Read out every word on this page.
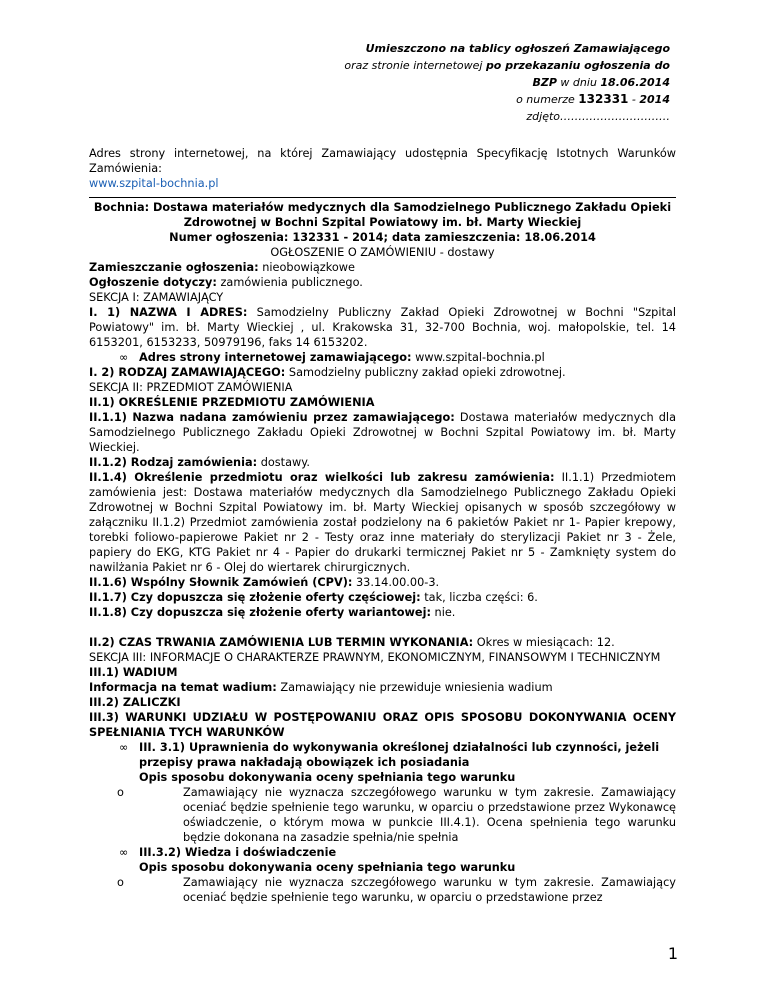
Umieszczono na tablicy ogłoszeń Zamawiającego
oraz stronie internetowej po przekazaniu ogłoszenia do
BZP w dniu 18.06.2014
o numerze 132331 - 2014
zdjęto…………………………

Adres strony internetowej, na której Zamawiający udostępnia Specyfikację Istotnych Warunków Zamówienia:

www.szpital-bochnia.pl
Bochnia: Dostawa materiałów medycznych dla Samodzielnego Publicznego Zakładu Opieki Zdrowotnej w Bochni Szpital Powiatowy im. bł. Marty Wieckiej
Numer ogłoszenia: 132331 - 2014; data zamieszczenia: 18.06.2014
OGŁOSZENIE O ZAMÓWIENIU - dostawy

Zamieszczanie ogłoszenia: nieobowiązkowe

Ogłoszenie dotyczy: zamówienia publicznego.

SEKCJA I: ZAMAWIAJĄCY

I. 1) NAZWA I ADRES: Samodzielny Publiczny Zakład Opieki Zdrowotnej w Bochni "Szpital Powiatowy" im. bł. Marty Wieckiej , ul. Krakowska 31, 32-700 Bochnia, woj. małopolskie, tel. 14 6153201, 6153233, 50979196, faks 14 6153202.

∞ Adres strony internetowej zamawiającego: www.szpital-bochnia.pl

I. 2) RODZAJ ZAMAWIAJĄCEGO: Samodzielny publiczny zakład opieki zdrowotnej.

SEKCJA II: PRZEDMIOT ZAMÓWIENIA

II.1) OKREŚLENIE PRZEDMIOTU ZAMÓWIENIA

II.1.1) Nazwa nadana zamówieniu przez zamawiającego: Dostawa materiałów medycznych dla Samodzielnego Publicznego Zakładu Opieki Zdrowotnej w Bochni Szpital Powiatowy im. bł. Marty Wieckiej.

II.1.2) Rodzaj zamówienia: dostawy.

II.1.4) Określenie przedmiotu oraz wielkości lub zakresu zamówienia: II.1.1) Przedmiotem zamówienia jest: Dostawa materiałów medycznych dla Samodzielnego Publicznego Zakładu Opieki Zdrowotnej w Bochni Szpital Powiatowy im. bł. Marty Wieckiej opisanych w sposób szczegółowy w załączniku II.1.2) Przedmiot zamówienia został podzielony na 6 pakietów Pakiet nr 1- Papier krepowy, torebki foliowo-papierowe Pakiet nr 2 - Testy oraz inne materiały do sterylizacji Pakiet nr 3 - Żele, papiery do EKG, KTG Pakiet nr 4 - Papier do drukarki termicznej Pakiet nr 5 - Zamknięty system do nawilżania Pakiet nr 6 - Olej do wiertarek chirurgicznych.

II.1.6) Wspólny Słownik Zamówień (CPV): 33.14.00.00-3.

II.1.7) Czy dopuszcza się złożenie oferty częściowej: tak, liczba części: 6.

II.1.8) Czy dopuszcza się złożenie oferty wariantowej: nie.

II.2) CZAS TRWANIA ZAMÓWIENIA LUB TERMIN WYKONANIA: Okres w miesiącach: 12.

SEKCJA III: INFORMACJE O CHARAKTERZE PRAWNYM, EKONOMICZNYM, FINANSOWYM I TECHNICZNYM

III.1) WADIUM

Informacja na temat wadium: Zamawiający nie przewiduje wniesienia wadium

III.2) ZALICZKI

III.3) WARUNKI UDZIAŁU W POSTĘPOWANIU ORAZ OPIS SPOSOBU DOKONYWANIA OCENY SPEŁNIANIA TYCH WARUNKÓW

∞ III. 3.1) Uprawnienia do wykonywania określonej działalności lub czynności, jeżeli przepisy prawa nakładają obowiązek ich posiadania

Opis sposobu dokonywania oceny spełniania tego warunku

o	Zamawiający nie wyznacza szczegółowego warunku w tym zakresie. Zamawiający oceniać będzie spełnienie tego warunku, w oparciu o przedstawione przez Wykonawcę oświadczenie, o którym mowa w punkcie III.4.1). Ocena spełnienia tego warunku będzie dokonana na zasadzie spełnia/nie spełnia

∞ III.3.2) Wiedza i doświadczenie

Opis sposobu dokonywania oceny spełniania tego warunku

o	Zamawiający nie wyznacza szczegółowego warunku w tym zakresie. Zamawiający oceniać będzie spełnienie tego warunku, w oparciu o przedstawione przez

1
